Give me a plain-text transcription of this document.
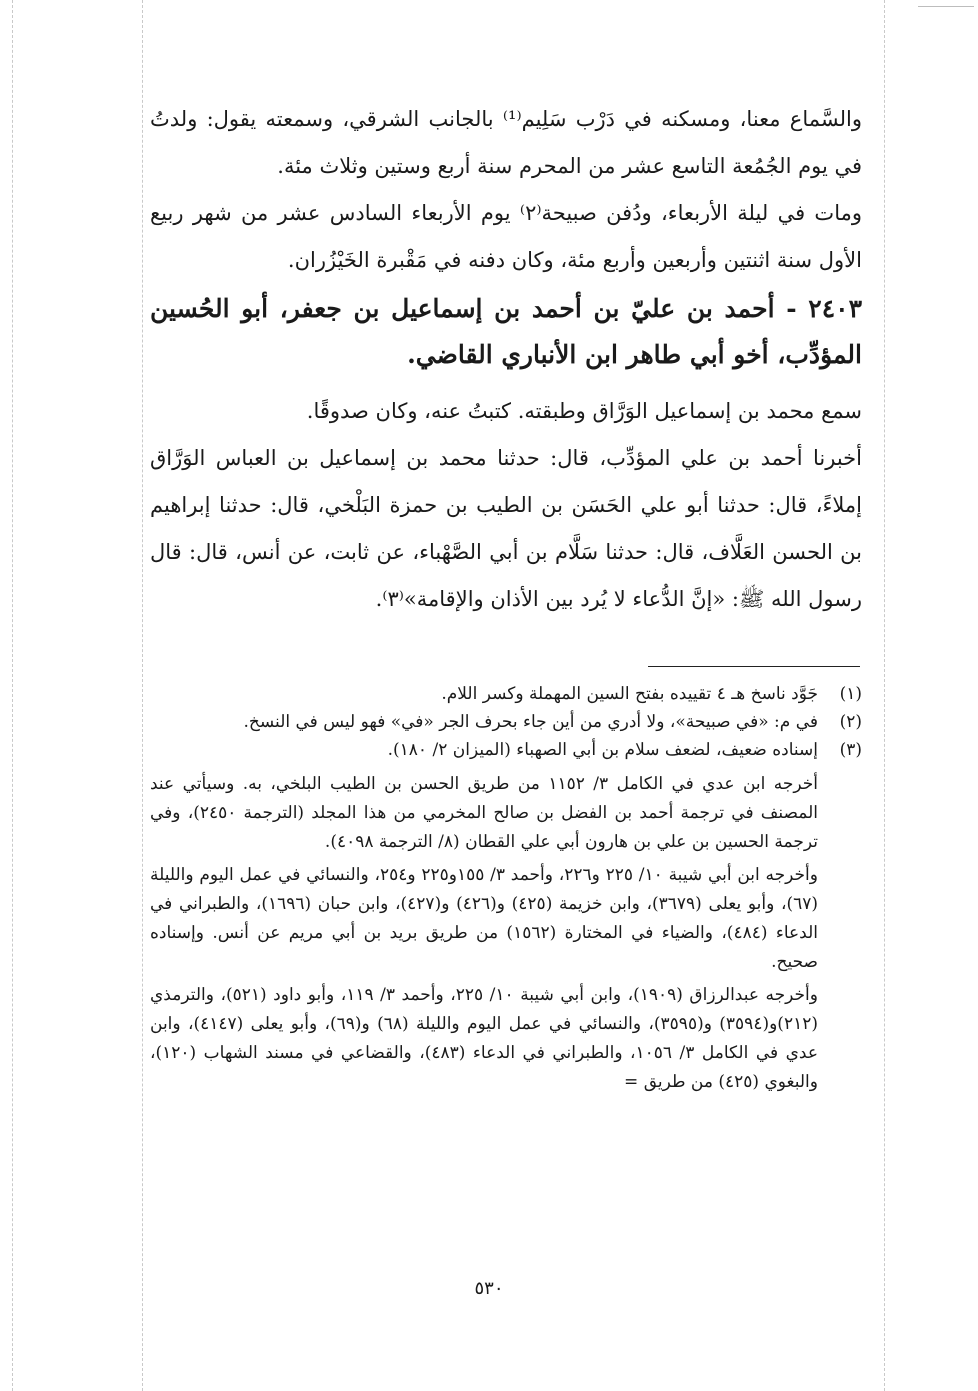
والسَّماع معنا، ومسكنه في دَرْب سَلِيم⁽¹⁾ بالجانب الشرقي، وسمعته يقول: ولدتُ في يوم الجُمُعة التاسع عشر من المحرم سنة أربع وستين وثلاث مئة.

ومات في ليلة الأربعاء، ودُفن صبيحة⁽٢⁾ يوم الأربعاء السادس عشر من شهر ربيع الأول سنة اثنتين وأربعين وأربع مئة، وكان دفنه في مَقْبرة الخَيْزُران.

٢٤٠٣ - أحمد بن عليّ بن أحمد بن إسماعيل بن جعفر، أبو الحُسين المؤدِّب، أخو أبي طاهر ابن الأنباري القاضي.

سمع محمد بن إسماعيل الوَرَّاق وطبقته. كتبتُ عنه، وكان صدوقًا.

أخبرنا أحمد بن علي المؤدِّب، قال: حدثنا محمد بن إسماعيل بن العباس الوَرَّاق إملاءً، قال: حدثنا أبو علي الحَسَن بن الطيب بن حمزة البَلْخي، قال: حدثنا إبراهيم بن الحسن العَلَّاف، قال: حدثنا سَلَّام بن أبي الصَّهْباء، عن ثابت، عن أنس، قال: قال رسول الله ﷺ: «إنَّ الدُّعاء لا يُرد بين الأذان والإقامة»⁽٣⁾.

(١)
جَوَّد ناسخ هـ ٤ تقييده بفتح السين المهملة وكسر اللام.
(٢)
في م: «في صبيحة»، ولا أدري من أين جاء بحرف الجر «في» فهو ليس في النسخ.
(٣)
إسناده ضعيف، لضعف سلام بن أبي الصهباء (الميزان ٢/ ١٨٠).

أخرجه ابن عدي في الكامل ٣/ ١١٥٢ من طريق الحسن بن الطيب البلخي، به. وسيأتي عند المصنف في ترجمة أحمد بن الفضل بن صالح المخرمي من هذا المجلد (الترجمة ٢٤٥٠)، وفي ترجمة الحسين بن علي بن هارون أبي علي القطان (٨/ الترجمة ٤٠٩٨).

وأخرجه ابن أبي شيبة ١٠/ ٢٢٥ و٢٢٦، وأحمد ٣/ ١٥٥و٢٢٥ و٢٥٤، والنسائي في عمل اليوم والليلة (٦٧)، وأبو يعلى (٣٦٧٩)، وابن خزيمة (٤٢٥) و(٤٢٦) و(٤٢٧)، وابن حبان (١٦٩٦)، والطبراني في الدعاء (٤٨٤)، والضياء في المختارة (١٥٦٢) من طريق بريد بن أبي مريم عن أنس. وإسناده صحيح.

وأخرجه عبدالرزاق (١٩٠٩)، وابن أبي شيبة ١٠/ ٢٢٥، وأحمد ٣/ ١١٩، وأبو داود (٥٢١)، والترمذي (٢١٢)و(٣٥٩٤) و(٣٥٩٥)، والنسائي في عمل اليوم والليلة (٦٨) و(٦٩)، وأبو يعلى (٤١٤٧)، وابن عدي في الكامل ٣/ ١٠٥٦، والطبراني في الدعاء (٤٨٣)، والقضاعي في مسند الشهاب (١٢٠)، والبغوي (٤٢٥) من طريق =

٥٣٠
